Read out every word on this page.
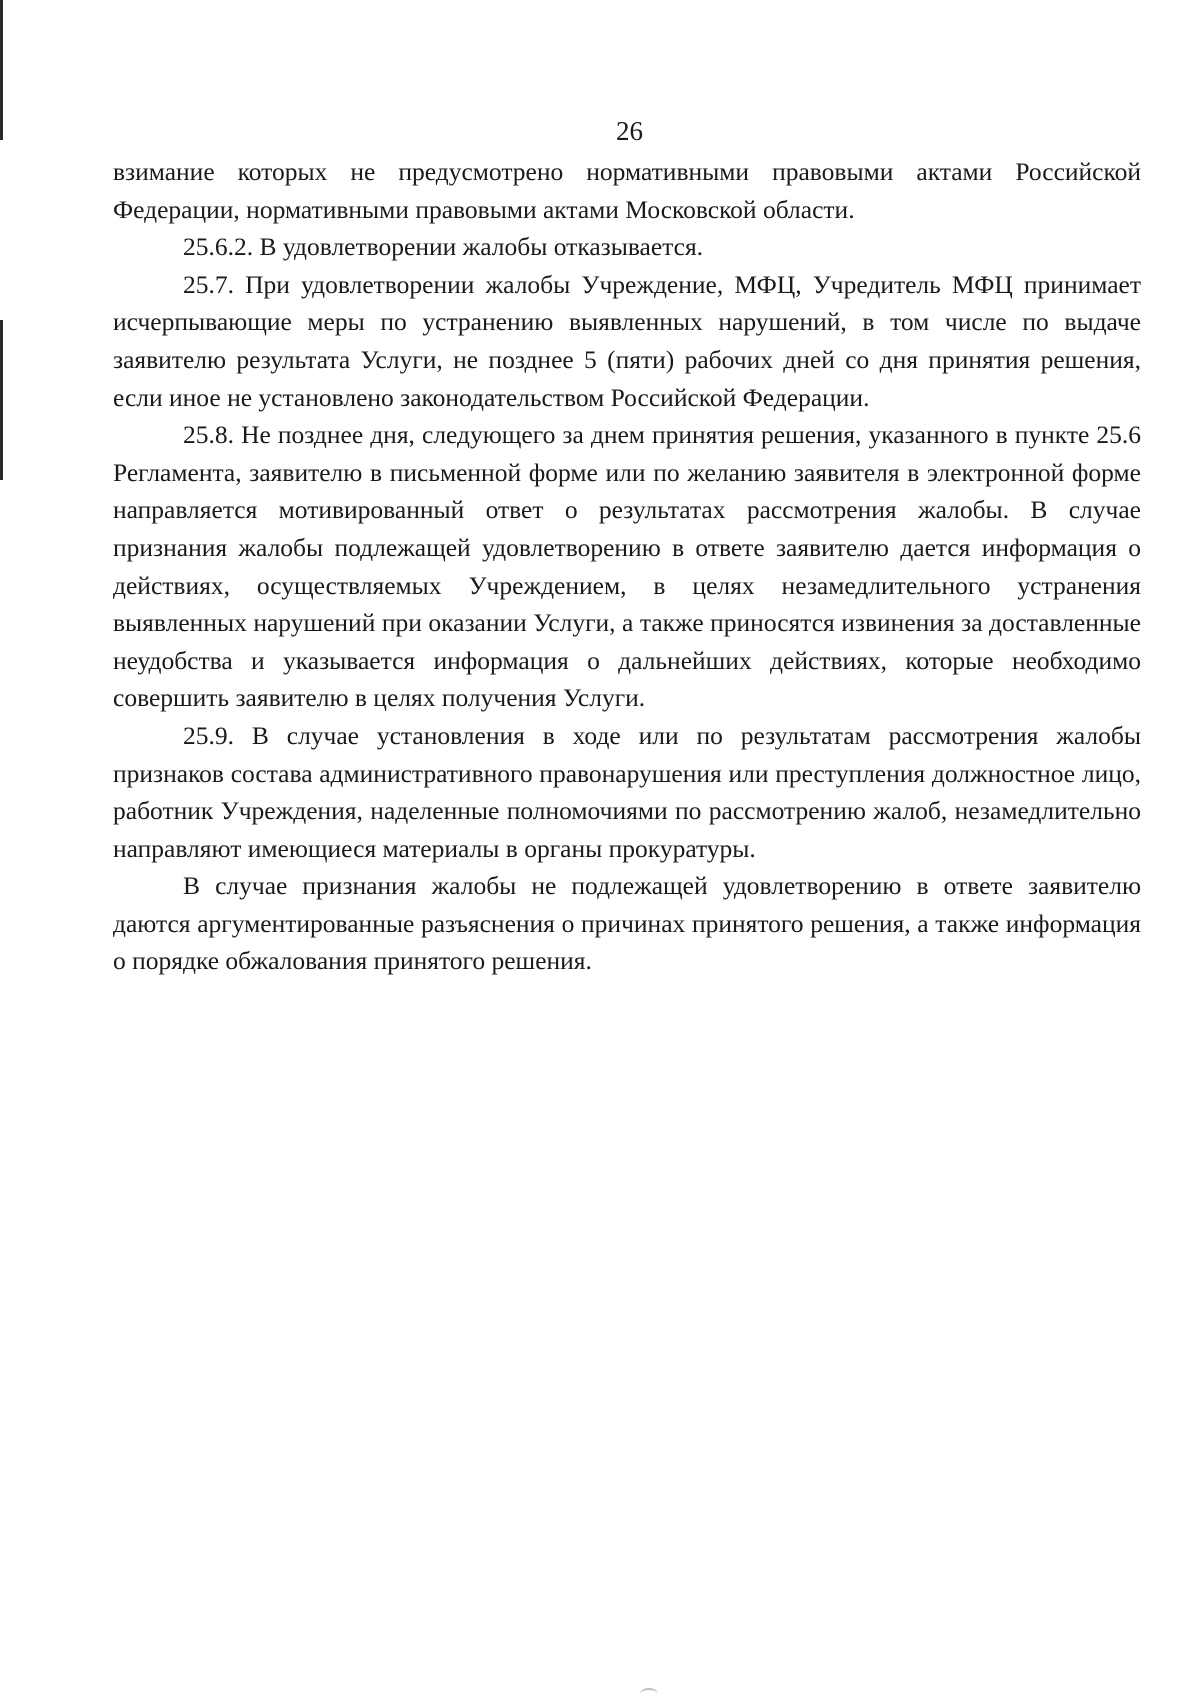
26

взимание которых не предусмотрено нормативными правовыми актами Российской Федерации, нормативными правовыми актами Московской области.

25.6.2. В удовлетворении жалобы отказывается.

25.7. При удовлетворении жалобы Учреждение, МФЦ, Учредитель МФЦ принимает исчерпывающие меры по устранению выявленных нарушений, в том числе по выдаче заявителю результата Услуги, не позднее 5 (пяти) рабочих дней со дня принятия решения, если иное не установлено законодательством Российской Федерации.

25.8. Не позднее дня, следующего за днем принятия решения, указанного в пункте 25.6 Регламента, заявителю в письменной форме или по желанию заявителя в электронной форме направляется мотивированный ответ о результатах рассмотрения жалобы. В случае признания жалобы подлежащей удовлетворению в ответе заявителю дается информация о действиях, осуществляемых Учреждением, в целях незамедлительного устранения выявленных нарушений при оказании Услуги, а также приносятся извинения за доставленные неудобства и указывается информация о дальнейших действиях, которые необходимо совершить заявителю в целях получения Услуги.

25.9. В случае установления в ходе или по результатам рассмотрения жалобы признаков состава административного правонарушения или преступления должностное лицо, работник Учреждения, наделенные полномочиями по рассмотрению жалоб, незамедлительно направляют имеющиеся материалы в органы прокуратуры.

В случае признания жалобы не подлежащей удовлетворению в ответе заявителю даются аргументированные разъяснения о причинах принятого решения, а также информация о порядке обжалования принятого решения.
